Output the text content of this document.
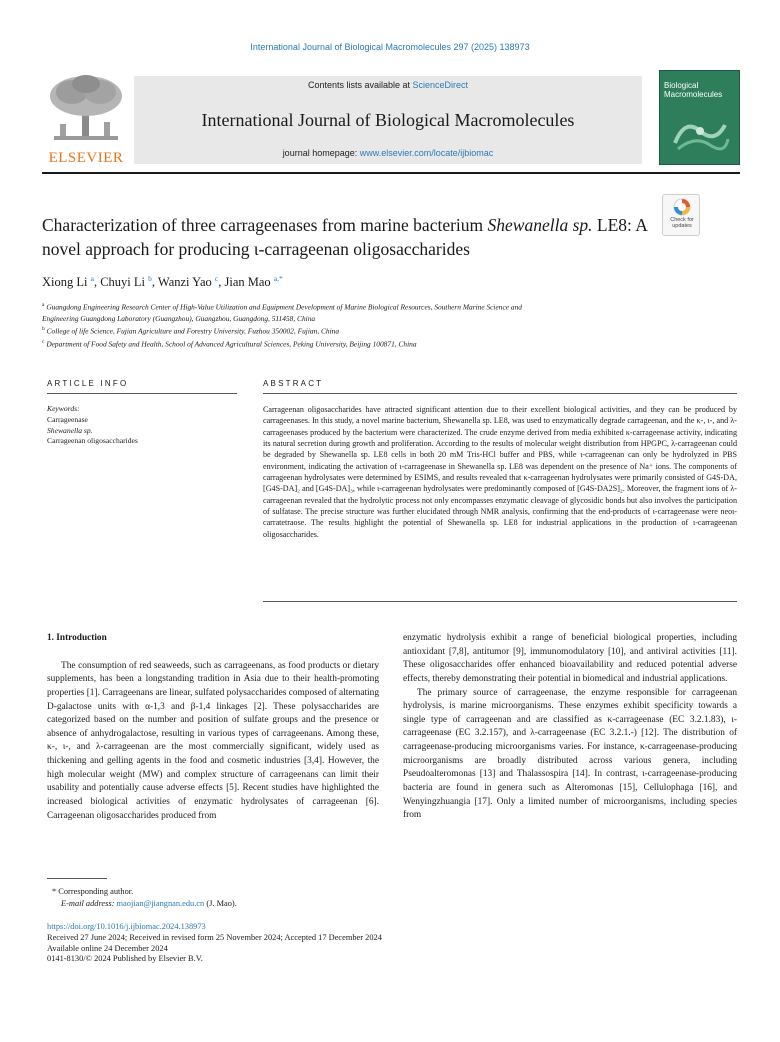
International Journal of Biological Macromolecules 297 (2025) 138973
ELSEVIER
Contents lists available at ScienceDirect
International Journal of Biological Macromolecules
journal homepage: www.elsevier.com/locate/ijbiomac
Biological Macromolecules
Check for
updates
Characterization of three carrageenases from marine bacterium Shewanella sp. LE8: A novel approach for producing ι-carrageenan oligosaccharides
Xiong Li $^a$, Chuyi Li $^b$, Wanzi Yao $^c$, Jian Mao $^{a,*}$
$^a$ Guangdong Engineering Research Center of High-Value Utilization and Equipment Development of Marine Biological Resources, Southern Marine Science and
Engineering Guangdong Laboratory (Guangzhou), Guangzhou, Guangdong, 511458, China
$^b$ College of life Science, Fujian Agriculture and Forestry University, Fuzhou 350002, Fujian, China
$^c$ Department of Food Safety and Health, School of Advanced Agricultural Sciences, Peking University, Beijing 100871, China
ARTICLE INFO	ABSTRACT
Keywords:
Carrageenase
Shewanella sp.
Carrageenan oligosaccharides
Carrageenan oligosaccharides have attracted significant attention due to their excellent biological activities, and they can be produced by carrageenases. In this study, a novel marine bacterium, Shewanella sp. LE8, was used to enzymatically degrade carrageenan, and the κ-, ι-, and λ-carrageenases produced by the bacterium were characterized. The crude enzyme derived from media exhibited κ-carrageenase activity, indicating its natural secretion during growth and proliferation. According to the results of molecular weight distribution from HPGPC, λ-carrageenan could be degraded by Shewanella sp. LE8 cells in both 20 mM Tris-HCl buffer and PBS, while ι-carrageenan can only be hydrolyzed in PBS environment, indicating the activation of ι-carrageenase in Shewanella sp. LE8 was dependent on the presence of Na⁺ ions. The components of carrageenan hydrolysates were determined by ESIMS, and results revealed that κ-carrageenan hydrolysates were primarily consisted of G4S-DA, [G4S-DA]₂ and [G4S-DA]₃, while ι-carrageenan hydrolysates were predominantly composed of [G4S-DA2S]₂. Moreover, the fragment ions of λ-carrageenan revealed that the hydrolytic process not only encompasses enzymatic cleavage of glycosidic bonds but also involves the participation of sulfatase. The precise structure was further elucidated through NMR analysis, confirming that the end-products of ι-carrageenase were neoι-carratetraose. The results highlight the potential of Shewanella sp. LE8 for industrial applications in the production of ι-carrageenan oligosaccharides.
1. Introduction

The consumption of red seaweeds, such as carrageenans, as food products or dietary supplements, has been a longstanding tradition in Asia due to their health-promoting properties [1]. Carrageenans are linear, sulfated polysaccharides composed of alternating D-galactose units with α-1,3 and β-1,4 linkages [2]. These polysaccharides are categorized based on the number and position of sulfate groups and the presence or absence of anhydrogalactose, resulting in various types of carrageenans. Among these, κ-, ι-, and λ-carrageenan are the most commercially significant, widely used as thickening and gelling agents in the food and cosmetic industries [3,4]. However, the high molecular weight (MW) and complex structure of carrageenans can limit their usability and potentially cause adverse effects [5]. Recent studies have highlighted the increased biological activities of enzymatic hydrolysates of carrageenan [6]. Carrageenan oligosaccharides produced from

enzymatic hydrolysis exhibit a range of beneficial biological properties, including antioxidant [7,8], antitumor [9], immunomodulatory [10], and antiviral activities [11]. These oligosaccharides offer enhanced bioavailability and reduced potential adverse effects, thereby demonstrating their potential in biomedical and industrial applications.

The primary source of carrageenase, the enzyme responsible for carrageenan hydrolysis, is marine microorganisms. These enzymes exhibit specificity towards a single type of carrageenan and are classified as κ-carrageenase (EC 3.2.1.83), ι-carrageenase (EC 3.2.157), and λ-carrageenase (EC 3.2.1.-) [12]. The distribution of carrageenase-producing microorganisms varies. For instance, κ-carrageenase-producing microorganisms are broadly distributed across various genera, including Pseudoalteromonas [13] and Thalassospira [14]. In contrast, ι-carrageenase-producing bacteria are found in genera such as Alteromonas [15], Cellulophaga [16], and Wenyingzhuangia [17]. Only a limited number of microorganisms, including species from

* Corresponding author.
E-mail address: maojian@jiangnan.edu.cn (J. Mao).
https://doi.org/10.1016/j.ijbiomac.2024.138973
Received 27 June 2024; Received in revised form 25 November 2024; Accepted 17 December 2024
Available online 24 December 2024
0141-8130/© 2024 Published by Elsevier B.V.
